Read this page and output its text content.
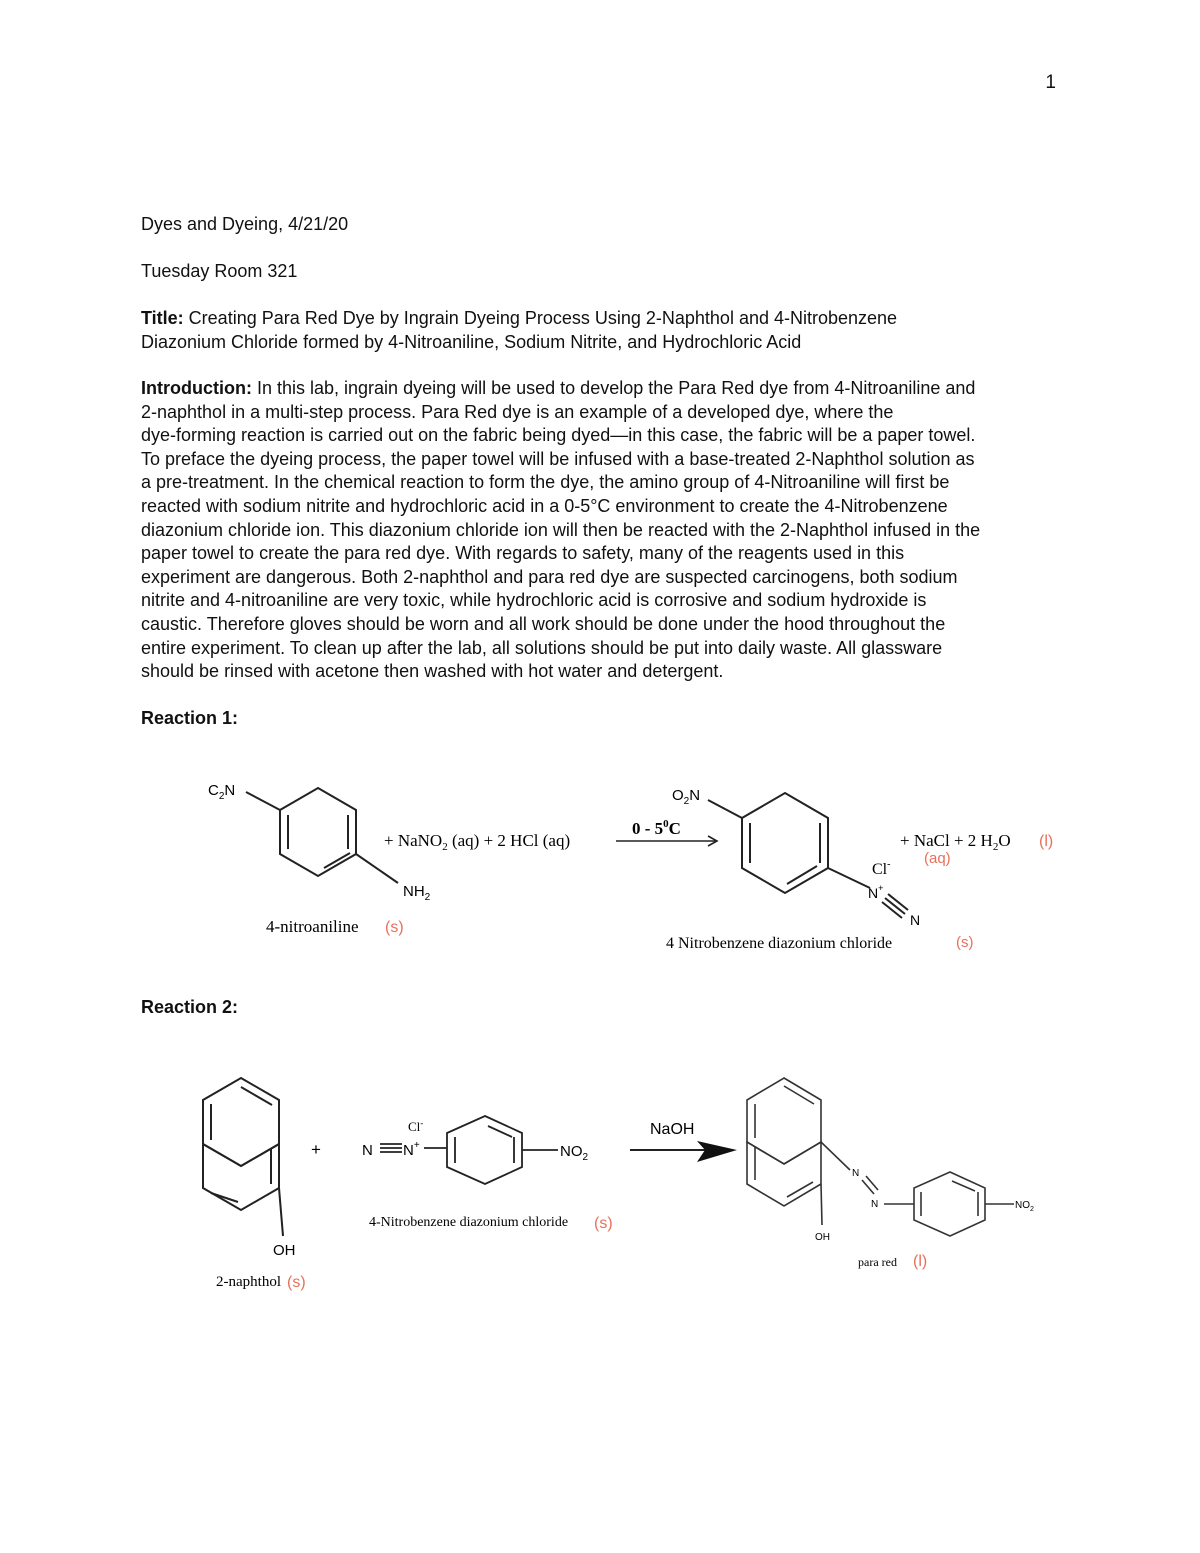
1
Dyes and Dyeing, 4/21/20
Tuesday Room 321
Title: Creating Para Red Dye by Ingrain Dyeing Process Using 2-Naphthol and 4-Nitrobenzene
Diazonium Chloride formed by 4-Nitroaniline, Sodium Nitrite, and Hydrochloric Acid
Introduction: In this lab, ingrain dyeing will be used to develop the Para Red dye from 4-Nitroaniline and
2-naphthol in a multi-step process. Para Red dye is an example of a developed dye, where the
dye-forming reaction is carried out on the fabric being dyed—in this case, the fabric will be a paper towel.
To preface the dyeing process, the paper towel will be infused with a base-treated 2-Naphthol solution as
a pre-treatment. In the chemical reaction to form the dye, the amino group of 4-Nitroaniline will first be
reacted with sodium nitrite and hydrochloric acid in a 0-5°C environment to create the 4-Nitrobenzene
diazonium chloride ion. This diazonium chloride ion will then be reacted with the 2-Naphthol infused in the
paper towel to create the para red dye. With regards to safety, many of the reagents used in this
experiment are dangerous. Both 2-naphthol and para red dye are suspected carcinogens, both sodium
nitrite and 4-nitroaniline are very toxic, while hydrochloric acid is corrosive and sodium hydroxide is
caustic. Therefore gloves should be worn and all work should be done under the hood throughout the
entire experiment. To clean up after the lab, all solutions should be put into daily waste. All glassware
should be rinsed with acetone then washed with hot water and detergent.
Reaction 1:
$C_2N$
$NH_2$
4-nitroaniline (s)
+ NaNO$_2$ (aq) + 2 HCl (aq)
$0 - 5^0C$
$O_2N$
Cl-
N+
N
+ NaCl + 2 $H_2O$ (l)
(aq)
4 Nitrobenzene diazonium chloride	(s)
Reaction 2:
OH
2-naphthol (s)
+
Cl-
N N+	$NO_2$
4-Nitrobenzene diazonium chloride (s)
NaOH
N
N
OH
$NO_2$
para red (l)
